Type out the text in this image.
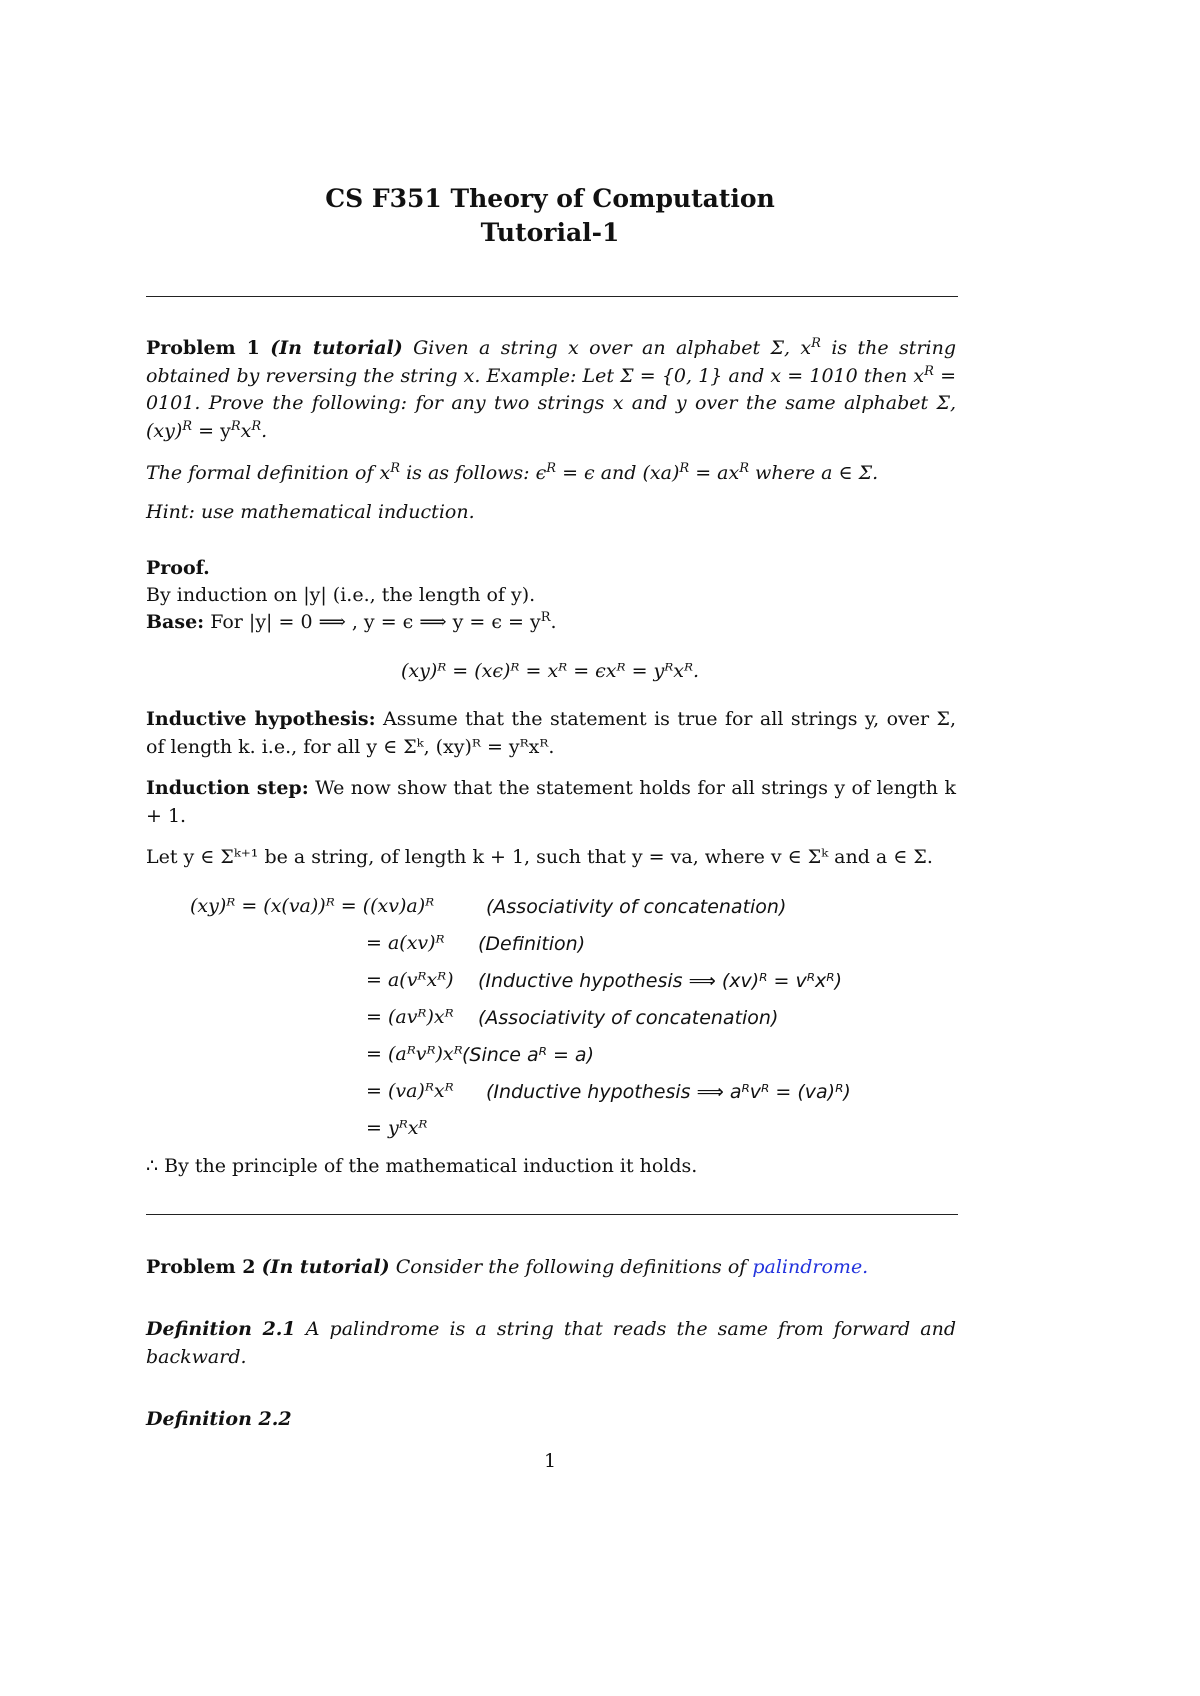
CS F351 Theory of Computation
Tutorial-1
Problem 1 (In tutorial) Given a string x over an alphabet Σ, $x^R$ is the string obtained by reversing the string x. Example: Let Σ = {0, 1} and x = 1010 then $x^R = 0101$. Prove the following: for any two strings x and y over the same alphabet Σ, $(xy)^R = y^Rx^R$.
The formal definition of $x^R$ is as follows: $\epsilon^R = \epsilon$ and $(xa)^R = ax^R$ where a ∈ Σ.
Hint: use mathematical induction.
Proof.
By induction on |y| (i.e., the length of y).
Base: For |y| = 0 ⟹ , y = ϵ ⟹ $y = \epsilon = y^R$.
(xy)ᴿ = (xϵ)ᴿ = xᴿ = ϵxᴿ = yᴿxᴿ.
Inductive hypothesis: Assume that the statement is true for all strings y, over Σ, of length k. i.e., for all y ∈ Σᵏ, (xy)ᴿ = yᴿxᴿ.
Induction step: We now show that the statement holds for all strings y of length k + 1.
Let y ∈ Σᵏ⁺¹ be a string, of length k + 1, such that y = va, where v ∈ Σᵏ and a ∈ Σ.
(xy)ᴿ = (x(va))ᴿ = ((xv)a)ᴿ	(Associativity of concatenation)
= a(xv)ᴿ (Definition)
= a(vᴿxᴿ) (Inductive hypothesis ⟹ (xv)ᴿ = vᴿxᴿ)
= (avᴿ)xᴿ (Associativity of concatenation)
= (aᴿvᴿ)xᴿ (Since aᴿ = a)
= (va)ᴿxᴿ (Inductive hypothesis ⟹ aᴿvᴿ = (va)ᴿ)
= yᴿxᴿ
∴ By the principle of the mathematical induction it holds.
Problem 2 (In tutorial) Consider the following definitions of palindrome.
Definition 2.1 A palindrome is a string that reads the same from forward and backward.
Definition 2.2
1
